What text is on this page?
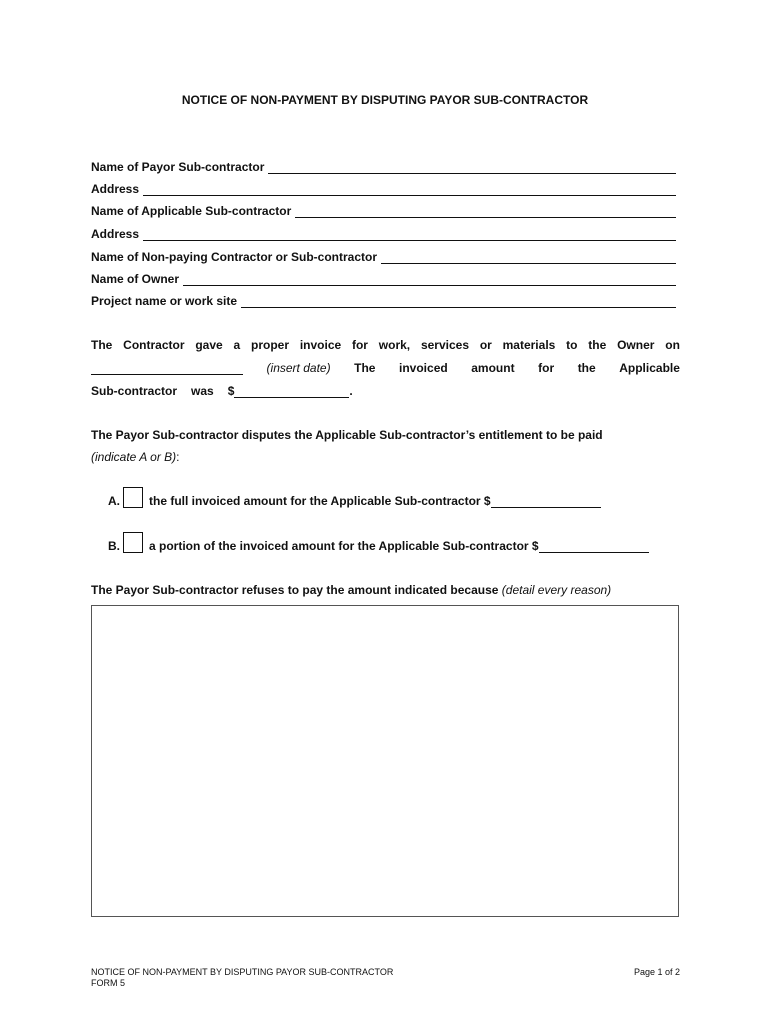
NOTICE OF NON-PAYMENT BY DISPUTING PAYOR SUB-CONTRACTOR
Name of Payor Sub-contractor
Address
Name of Applicable Sub-contractor
Address
Name of Non-paying Contractor or Sub-contractor
Name of Owner
Project name or work site
The Contractor gave a proper invoice for work, services or materials to the Owner on
(insert date) The invoiced amount for the Applicable
Sub-contractor was $	.
The Payor Sub-contractor disputes the Applicable Sub-contractor’s entitlement to be paid
(indicate A or B):
A. the full invoiced amount for the Applicable Sub-contractor $
B. a portion of the invoiced amount for the Applicable Sub-contractor $
The Payor Sub-contractor refuses to pay the amount indicated because (detail every reason)
NOTICE OF NON-PAYMENT BY DISPUTING PAYOR SUB-CONTRACTOR
FORM 5
Page 1 of 2
